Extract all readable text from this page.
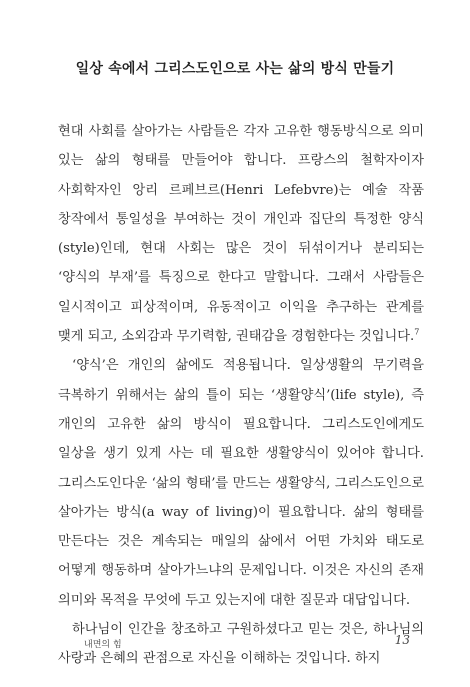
일상 속에서 그리스도인으로 사는 삶의 방식 만들기

현대 사회를 살아가는 사람들은 각자 고유한 행동방식으로 의미 있는 삶의 형태를 만들어야 합니다. 프랑스의 철학자이자 사회학자인 앙리 르페브르(Henri Lefebvre)는 예술 작품 창작에서 통일성을 부여하는 것이 개인과 집단의 특정한 양식(style)인데, 현대 사회는 많은 것이 뒤섞이거나 분리되는 ‘양식의 부재’를 특징으로 한다고 말합니다. 그래서 사람들은 일시적이고 피상적이며, 유동적이고 이익을 추구하는 관계를 맺게 되고, 소외감과 무기력함, 권태감을 경험한다는 것입니다.$^7$

‘양식’은 개인의 삶에도 적용됩니다. 일상생활의 무기력을 극복하기 위해서는 삶의 틀이 되는 ‘생활양식’(life style), 즉 개인의 고유한 삶의 방식이 필요합니다. 그리스도인에게도 일상을 생기 있게 사는 데 필요한 생활양식이 있어야 합니다. 그리스도인다운 ‘삶의 형태’를 만드는 생활양식, 그리스도인으로 살아가는 방식(a way of living)이 필요합니다. 삶의 형태를 만든다는 것은 계속되는 매일의 삶에서 어떤 가치와 태도로 어떻게 행동하며 살아가느냐의 문제입니다. 이것은 자신의 존재 의미와 목적을 무엇에 두고 있는지에 대한 질문과 대답입니다.

하나님이 인간을 창조하고 구원하셨다고 믿는 것은, 하나님의 사랑과 은혜의 관점으로 자신을 이해하는 것입니다. 하지

내면의 힘	13
